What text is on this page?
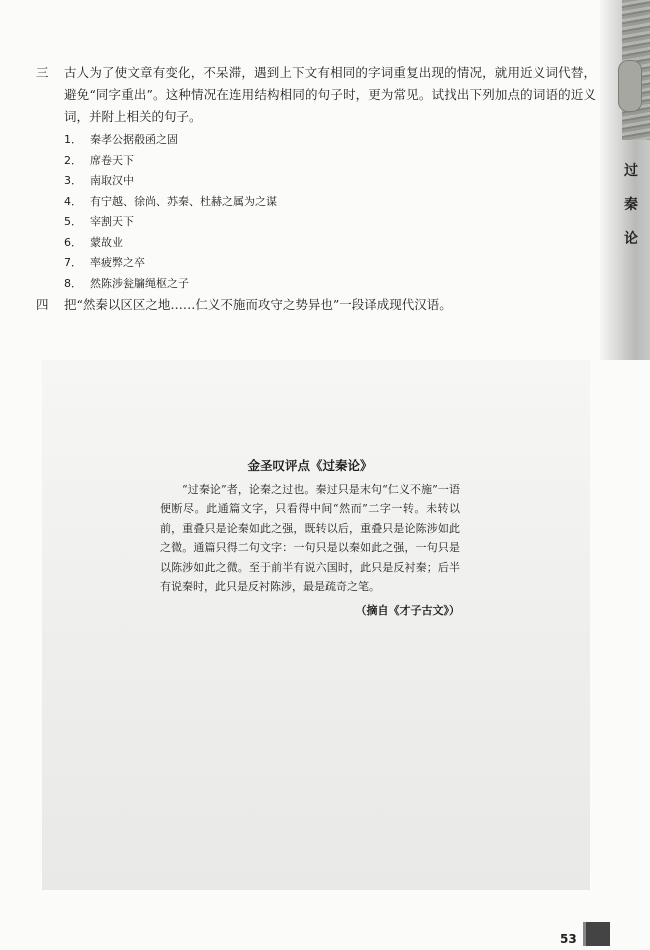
过
秦
论
三	古人为了使文章有变化，不呆滞，遇到上下文有相同的字词重复出现的情况，就用近义词代替，避免“同字重出”。这种情况在连用结构相同的句子时，更为常见。试找出下列加点的词语的近义词，并附上相关的句子。
1． 秦孝公据殽函之固
2． 席卷天下
3． 南取汉中
4． 有宁越、徐尚、苏秦、杜赫之属为之谋
5． 宰割天下
6． 蒙故业
7． 率疲弊之卒
8． 然陈涉瓮牖绳枢之子
四	把“然秦以区区之地……仁义不施而攻守之势异也”一段译成现代汉语。
金圣叹评点《过秦论》

“过秦论”者，论秦之过也。秦过只是末句“仁义不施”一语便断尽。此通篇文字，只看得中间“然而”二字一转。未转以前，重叠只是论秦如此之强，既转以后，重叠只是论陈涉如此之微。通篇只得二句文字：一句只是以秦如此之强，一句只是以陈涉如此之微。至于前半有说六国时，此只是反衬秦；后半有说秦时，此只是反衬陈涉，最是疏奇之笔。

（摘自《才子古文》）
53
